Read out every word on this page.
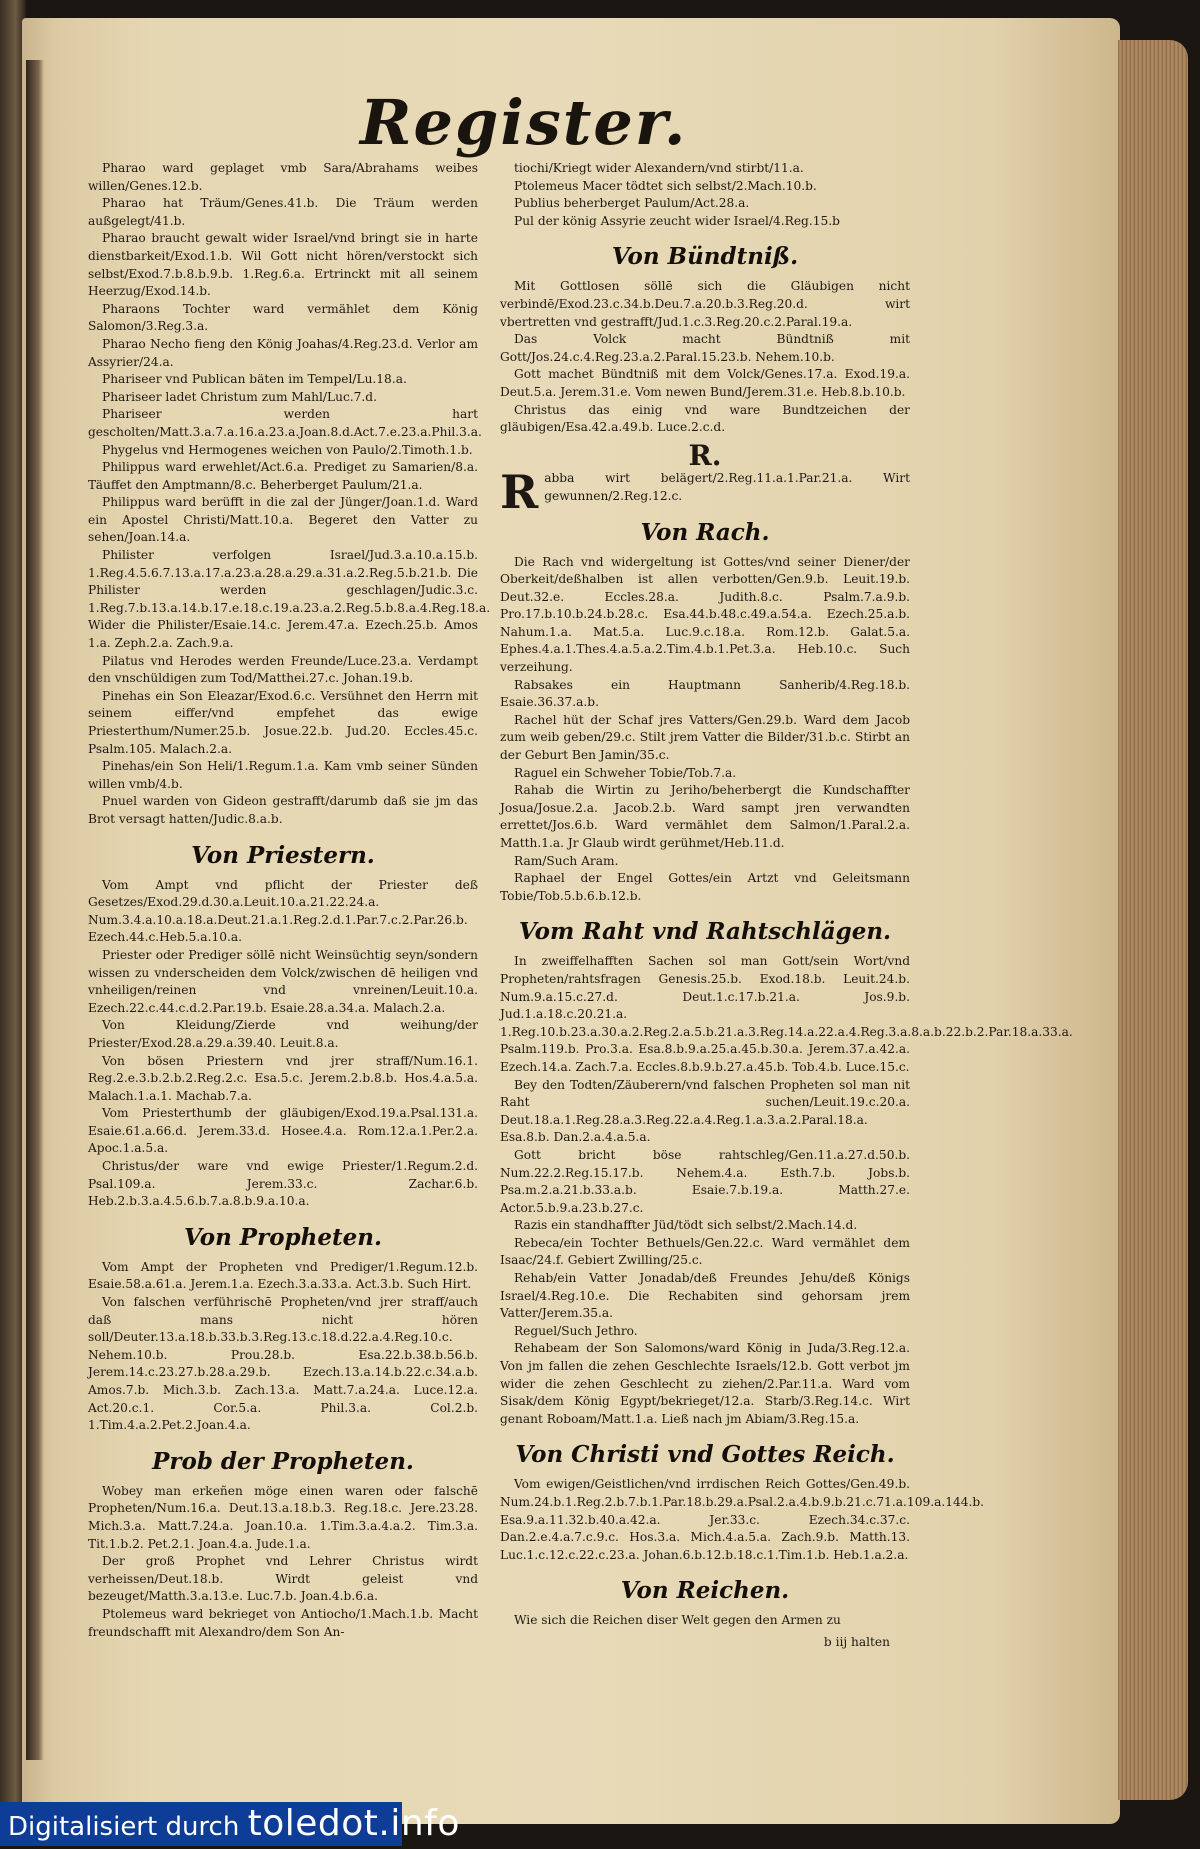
Register.

Pharao ward geplaget vmb Sara/Abrahams weibes willen/Genes.12.b.

Pharao hat Träum/Genes.41.b. Die Träum werden außgelegt/41.b.

Pharao braucht gewalt wider Israel/vnd bringt sie in harte dienstbarkeit/Exod.1.b. Wil Gott nicht hören/verstockt sich selbst/Exod.7.b.8.b.9.b. 1.Reg.6.a. Ertrinckt mit all seinem Heerzug/Exod.14.b.

Pharaons Tochter ward vermählet dem König Salomon/3.Reg.3.a.

Pharao Necho fieng den König Joahas/4.Reg.23.d. Verlor am Assyrier/24.a.

Phariseer vnd Publican bäten im Tempel/Lu.18.a.

Phariseer ladet Christum zum Mahl/Luc.7.d.

Phariseer werden hart gescholten/Matt.3.a.7.a.16.a.23.a.Joan.8.d.Act.7.e.23.a.Phil.3.a.

Phygelus vnd Hermogenes weichen von Paulo/2.Timoth.1.b.

Philippus ward erwehlet/Act.6.a. Prediget zu Samarien/8.a. Täuffet den Amptmann/8.c. Beherberget Paulum/21.a.

Philippus ward berüfft in die zal der Jünger/Joan.1.d. Ward ein Apostel Christi/Matt.10.a. Begeret den Vatter zu sehen/Joan.14.a.

Philister verfolgen Israel/Jud.3.a.10.a.15.b. 1.Reg.4.5.6.7.13.a.17.a.23.a.28.a.29.a.31.a.2.Reg.5.b.21.b. Die Philister werden geschlagen/Judic.3.c. 1.Reg.7.b.13.a.14.b.17.e.18.c.19.a.23.a.2.Reg.5.b.8.a.4.Reg.18.a. Wider die Philister/Esaie.14.c. Jerem.47.a. Ezech.25.b. Amos 1.a. Zeph.2.a. Zach.9.a.

Pilatus vnd Herodes werden Freunde/Luce.23.a. Verdampt den vnschüldigen zum Tod/Matthei.27.c. Johan.19.b.

Pinehas ein Son Eleazar/Exod.6.c. Versühnet den Herrn mit seinem eiffer/vnd empfehet das ewige Priesterthum/Numer.25.b. Josue.22.b. Jud.20. Eccles.45.c. Psalm.105. Malach.2.a.

Pinehas/ein Son Heli/1.Regum.1.a. Kam vmb seiner Sünden willen vmb/4.b.

Pnuel warden von Gideon gestrafft/darumb daß sie jm das Brot versagt hatten/Judic.8.a.b.

Von Priestern.

Vom Ampt vnd pflicht der Priester deß Gesetzes/Exod.29.d.30.a.Leuit.10.a.21.22.24.a. Num.3.4.a.10.a.18.a.Deut.21.a.1.Reg.2.d.1.Par.7.c.2.Par.26.b. Ezech.44.c.Heb.5.a.10.a.

Priester oder Prediger söllē nicht Weinsüchtig seyn/sondern wissen zu vnderscheiden dem Volck/zwischen dē heiligen vnd vnheiligen/reinen vnd vnreinen/Leuit.10.a. Ezech.22.c.44.c.d.2.Par.19.b. Esaie.28.a.34.a. Malach.2.a.

Von Kleidung/Zierde vnd weihung/der Priester/Exod.28.a.29.a.39.40. Leuit.8.a.

Von bösen Priestern vnd jrer straff/Num.16.1. Reg.2.e.3.b.2.b.2.Reg.2.c. Esa.5.c. Jerem.2.b.8.b. Hos.4.a.5.a. Malach.1.a.1. Machab.7.a.

Vom Priesterthumb der gläubigen/Exod.19.a.Psal.131.a. Esaie.61.a.66.d. Jerem.33.d. Hosee.4.a. Rom.12.a.1.Per.2.a. Apoc.1.a.5.a.

Christus/der ware vnd ewige Priester/1.Regum.2.d. Psal.109.a. Jerem.33.c. Zachar.6.b. Heb.2.b.3.a.4.5.6.b.7.a.8.b.9.a.10.a.

Von Propheten.

Vom Ampt der Propheten vnd Prediger/1.Regum.12.b. Esaie.58.a.61.a. Jerem.1.a. Ezech.3.a.33.a. Act.3.b. Such Hirt.

Von falschen verführischē Propheten/vnd jrer straff/auch daß mans nicht hören soll/Deuter.13.a.18.b.33.b.3.Reg.13.c.18.d.22.a.4.Reg.10.c. Nehem.10.b. Prou.28.b. Esa.22.b.38.b.56.b. Jerem.14.c.23.27.b.28.a.29.b. Ezech.13.a.14.b.22.c.34.a.b. Amos.7.b. Mich.3.b. Zach.13.a. Matt.7.a.24.a. Luce.12.a. Act.20.c.1. Cor.5.a. Phil.3.a. Col.2.b. 1.Tim.4.a.2.Pet.2.Joan.4.a.

Prob der Propheten.

Wobey man erkeñen möge einen waren oder falschē Propheten/Num.16.a. Deut.13.a.18.b.3. Reg.18.c. Jere.23.28. Mich.3.a. Matt.7.24.a. Joan.10.a. 1.Tim.3.a.4.a.2. Tim.3.a. Tit.1.b.2. Pet.2.1. Joan.4.a. Jude.1.a.

Der groß Prophet vnd Lehrer Christus wirdt verheissen/Deut.18.b. Wirdt geleist vnd bezeuget/Matth.3.a.13.e. Luc.7.b. Joan.4.b.6.a.

Ptolemeus ward bekrieget von Antiocho/1.Mach.1.b. Macht freundschafft mit Alexandro/dem Son An-

tiochi/Kriegt wider Alexandern/vnd stirbt/11.a.

Ptolemeus Macer tödtet sich selbst/2.Mach.10.b.

Publius beherberget Paulum/Act.28.a.

Pul der könig Assyrie zeucht wider Israel/4.Reg.15.b

Von Bündtniß.

Mit Gottlosen söllē sich die Gläubigen nicht verbindē/Exod.23.c.34.b.Deu.7.a.20.b.3.Reg.20.d. wirt vbertretten vnd gestrafft/Jud.1.c.3.Reg.20.c.2.Paral.19.a.

Das Volck macht Bündtniß mit Gott/Jos.24.c.4.Reg.23.a.2.Paral.15.23.b. Nehem.10.b.

Gott machet Bündtniß mit dem Volck/Genes.17.a. Exod.19.a. Deut.5.a. Jerem.31.e. Vom newen Bund/Jerem.31.e. Heb.8.b.10.b.

Christus das einig vnd ware Bundtzeichen der gläubigen/Esa.42.a.49.b. Luce.2.c.d.

R.

Rabba wirt belägert/2.Reg.11.a.1.Par.21.a. Wirt gewunnen/2.Reg.12.c.

Von Rach.

Die Rach vnd widergeltung ist Gottes/vnd seiner Diener/der Oberkeit/deßhalben ist allen verbotten/Gen.9.b. Leuit.19.b. Deut.32.e. Eccles.28.a. Judith.8.c. Psalm.7.a.9.b. Pro.17.b.10.b.24.b.28.c. Esa.44.b.48.c.49.a.54.a. Ezech.25.a.b. Nahum.1.a. Mat.5.a. Luc.9.c.18.a. Rom.12.b. Galat.5.a. Ephes.4.a.1.Thes.4.a.5.a.2.Tim.4.b.1.Pet.3.a. Heb.10.c. Such verzeihung.

Rabsakes ein Hauptmann Sanherib/4.Reg.18.b. Esaie.36.37.a.b.

Rachel hüt der Schaf jres Vatters/Gen.29.b. Ward dem Jacob zum weib geben/29.c. Stilt jrem Vatter die Bilder/31.b.c. Stirbt an der Geburt Ben Jamin/35.c.

Raguel ein Schweher Tobie/Tob.7.a.

Rahab die Wirtin zu Jeriho/beherbergt die Kundschaffter Josua/Josue.2.a. Jacob.2.b. Ward sampt jren verwandten errettet/Jos.6.b. Ward vermählet dem Salmon/1.Paral.2.a. Matth.1.a. Jr Glaub wirdt gerühmet/Heb.11.d.

Ram/Such Aram.

Raphael der Engel Gottes/ein Artzt vnd Geleitsmann Tobie/Tob.5.b.6.b.12.b.

Vom Raht vnd Rahtschlägen.

In zweiffelhafften Sachen sol man Gott/sein Wort/vnd Propheten/rahtsfragen Genesis.25.b. Exod.18.b. Leuit.24.b. Num.9.a.15.c.27.d. Deut.1.c.17.b.21.a. Jos.9.b. Jud.1.a.18.c.20.21.a. 1.Reg.10.b.23.a.30.a.2.Reg.2.a.5.b.21.a.3.Reg.14.a.22.a.4.Reg.3.a.8.a.b.22.b.2.Par.18.a.33.a. Psalm.119.b. Pro.3.a. Esa.8.b.9.a.25.a.45.b.30.a. Jerem.37.a.42.a. Ezech.14.a. Zach.7.a. Eccles.8.b.9.b.27.a.45.b. Tob.4.b. Luce.15.c.

Bey den Todten/Zäuberern/vnd falschen Propheten sol man nit Raht suchen/Leuit.19.c.20.a. Deut.18.a.1.Reg.28.a.3.Reg.22.a.4.Reg.1.a.3.a.2.Paral.18.a. Esa.8.b. Dan.2.a.4.a.5.a.

Gott bricht böse rahtschleg/Gen.11.a.27.d.50.b. Num.22.2.Reg.15.17.b. Nehem.4.a. Esth.7.b. Jobs.b. Psa.m.2.a.21.b.33.a.b. Esaie.7.b.19.a. Matth.27.e. Actor.5.b.9.a.23.b.27.c.

Razis ein standhaffter Jüd/tödt sich selbst/2.Mach.14.d.

Rebeca/ein Tochter Bethuels/Gen.22.c. Ward vermählet dem Isaac/24.f. Gebiert Zwilling/25.c.

Rehab/ein Vatter Jonadab/deß Freundes Jehu/deß Königs Israel/4.Reg.10.e. Die Rechabiten sind gehorsam jrem Vatter/Jerem.35.a.

Reguel/Such Jethro.

Rehabeam der Son Salomons/ward König in Juda/3.Reg.12.a. Von jm fallen die zehen Geschlechte Israels/12.b. Gott verbot jm wider die zehen Geschlecht zu ziehen/2.Par.11.a. Ward vom Sisak/dem König Egypt/bekrieget/12.a. Starb/3.Reg.14.c. Wirt genant Roboam/Matt.1.a. Ließ nach jm Abiam/3.Reg.15.a.

Von Christi vnd Gottes Reich.

Vom ewigen/Geistlichen/vnd irrdischen Reich Gottes/Gen.49.b. Num.24.b.1.Reg.2.b.7.b.1.Par.18.b.29.a.Psal.2.a.4.b.9.b.21.c.71.a.109.a.144.b. Esa.9.a.11.32.b.40.a.42.a. Jer.33.c. Ezech.34.c.37.c. Dan.2.e.4.a.7.c.9.c. Hos.3.a. Mich.4.a.5.a. Zach.9.b. Matth.13. Luc.1.c.12.c.22.c.23.a. Johan.6.b.12.b.18.c.1.Tim.1.b. Heb.1.a.2.a.

Von Reichen.

Wie sich die Reichen diser Welt gegen den Armen zu

b iij halten
Digitalisiert durch toledot.info
